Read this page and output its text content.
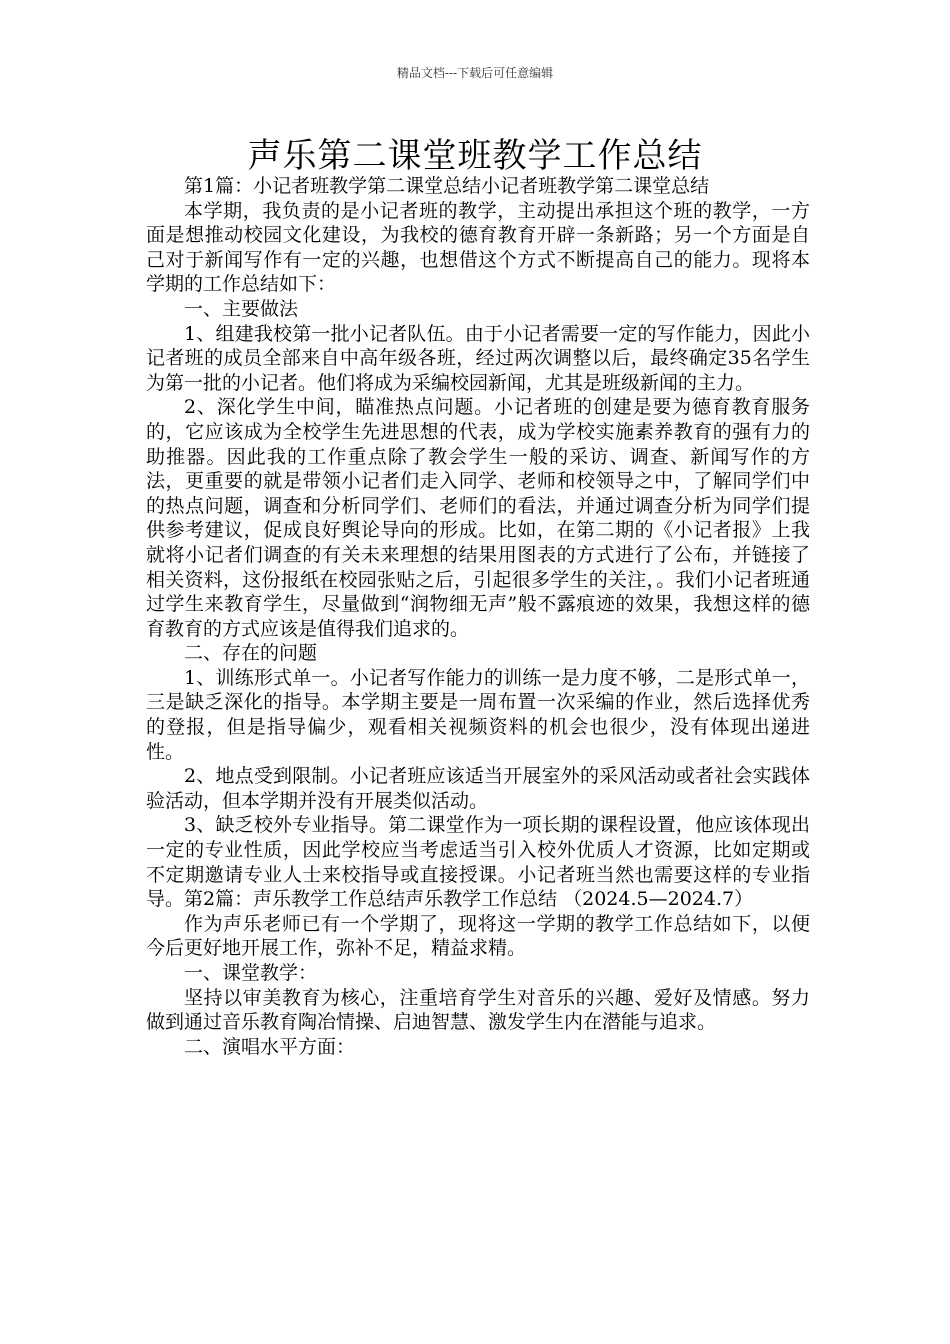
精品文档---下载后可任意编辑
声乐第二课堂班教学工作总结

第1篇：小记者班教学第二课堂总结小记者班教学第二课堂总结

本学期，我负责的是小记者班的教学，主动提出承担这个班的教学，一方面是想推动校园文化建设，为我校的德育教育开辟一条新路；另一个方面是自己对于新闻写作有一定的兴趣，也想借这个方式不断提高自己的能力。现将本学期的工作总结如下：

一、主要做法

1、组建我校第一批小记者队伍。由于小记者需要一定的写作能力，因此小记者班的成员全部来自中高年级各班，经过两次调整以后，最终确定35名学生为第一批的小记者。他们将成为采编校园新闻，尤其是班级新闻的主力。

2、深化学生中间，瞄准热点问题。小记者班的创建是要为德育教育服务的，它应该成为全校学生先进思想的代表，成为学校实施素养教育的强有力的助推器。因此我的工作重点除了教会学生一般的采访、调查、新闻写作的方法，更重要的就是带领小记者们走入同学、老师和校领导之中，了解同学们中的热点问题，调查和分析同学们、老师们的看法，并通过调查分析为同学们提供参考建议，促成良好舆论导向的形成。比如，在第二期的《小记者报》上我就将小记者们调查的有关未来理想的结果用图表的方式进行了公布，并链接了相关资料，这份报纸在校园张贴之后，引起很多学生的关注，。我们小记者班通过学生来教育学生，尽量做到“润物细无声”般不露痕迹的效果，我想这样的德育教育的方式应该是值得我们追求的。

二、存在的问题

1、训练形式单一。小记者写作能力的训练一是力度不够，二是形式单一，三是缺乏深化的指导。本学期主要是一周布置一次采编的作业，然后选择优秀的登报，但是指导偏少，观看相关视频资料的机会也很少，没有体现出递进性。

2、地点受到限制。小记者班应该适当开展室外的采风活动或者社会实践体验活动，但本学期并没有开展类似活动。

3、缺乏校外专业指导。第二课堂作为一项长期的课程设置，他应该体现出一定的专业性质，因此学校应当考虑适当引入校外优质人才资源，比如定期或不定期邀请专业人士来校指导或直接授课。小记者班当然也需要这样的专业指导。第2篇：声乐教学工作总结声乐教学工作总结 （2024.5—2024.7）

作为声乐老师已有一个学期了，现将这一学期的教学工作总结如下，以便今后更好地开展工作，弥补不足，精益求精。

一、课堂教学：

坚持以审美教育为核心，注重培育学生对音乐的兴趣、爱好及情感。努力做到通过音乐教育陶冶情操、启迪智慧、激发学生内在潜能与追求。

二、演唱水平方面：
